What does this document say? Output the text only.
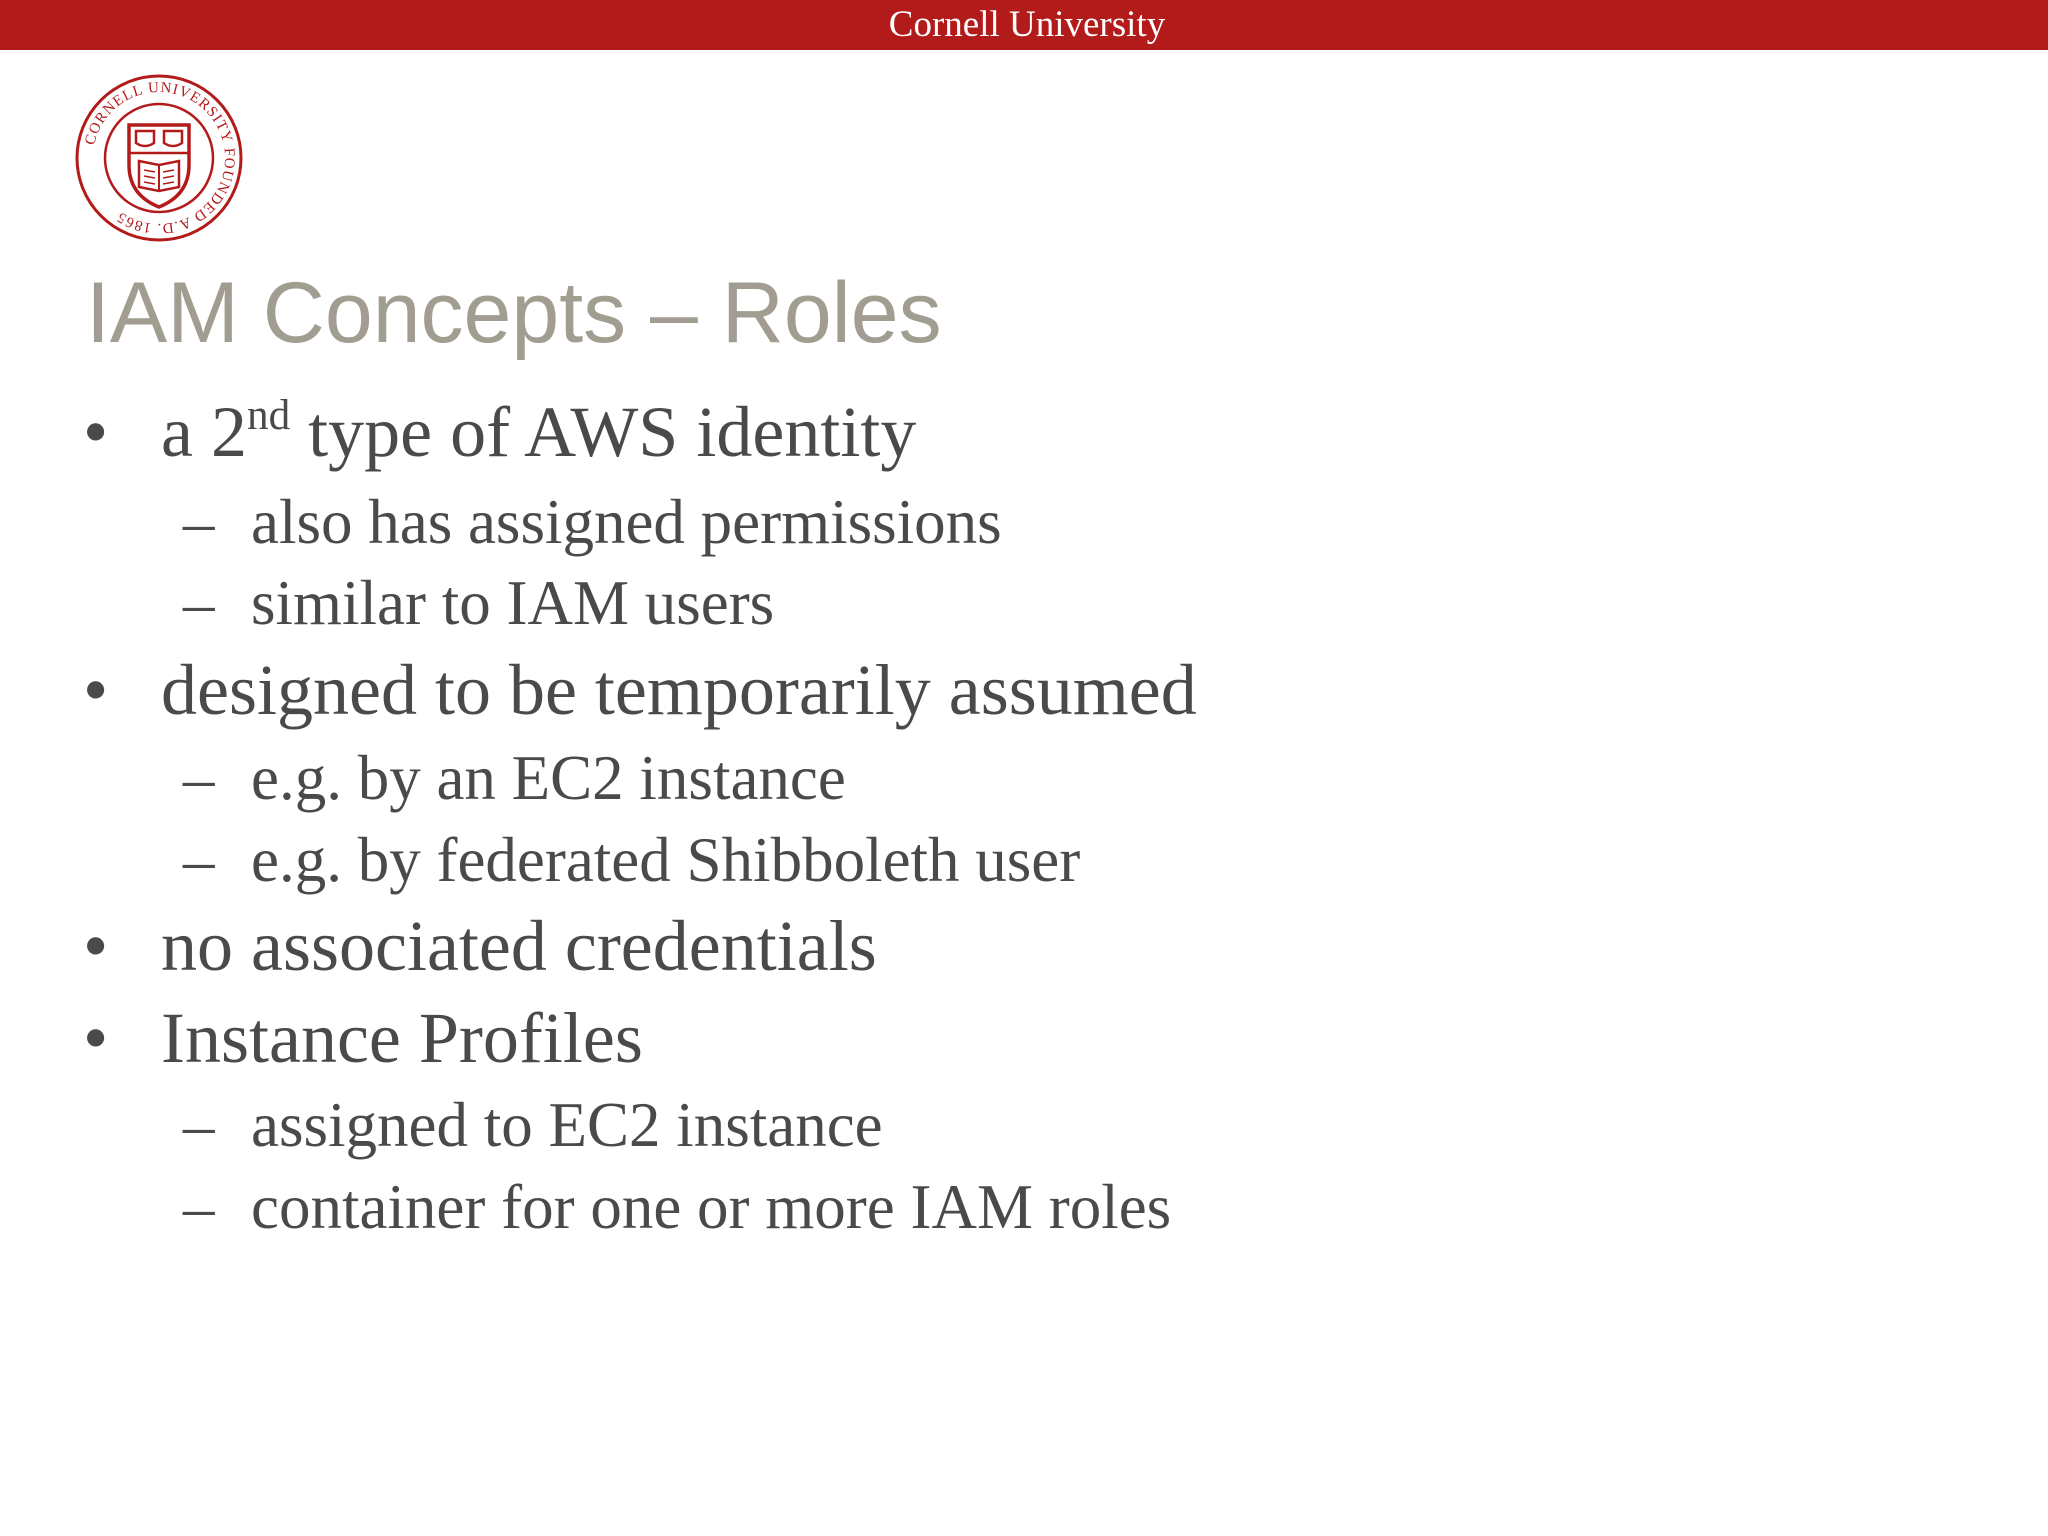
Cornell University
CORNELL UNIVERSITY FOUNDED A.D. 1865
IAM Concepts – Roles
• a 2nd type of AWS identity
– also has assigned permissions
– similar to IAM users
• designed to be temporarily assumed
– e.g. by an EC2 instance
– e.g. by federated Shibboleth user
• no associated credentials
• Instance Profiles
– assigned to EC2 instance
– container for one or more IAM roles
